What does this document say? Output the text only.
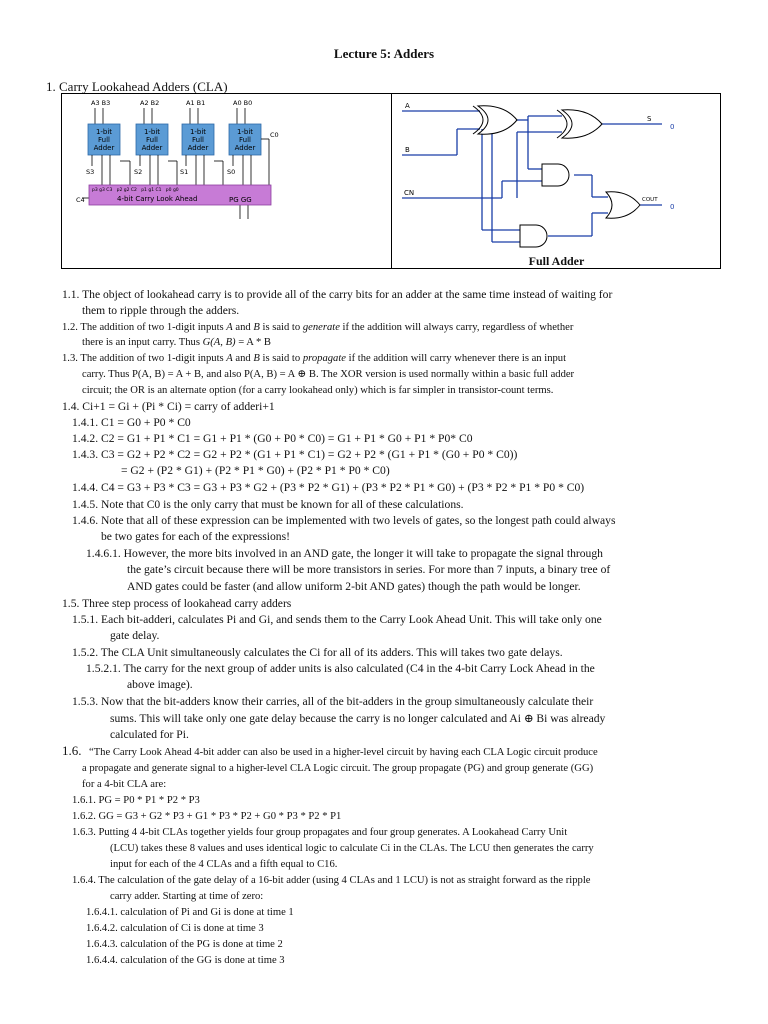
Lecture 5: Adders
1. Carry Lookahead Adders (CLA)
A3 B3	A2 B2	A1 B1	A0 B0
1-bit
Full
Adder
1-bit
Full
Adder
1-bit
Full
Adder
1-bit
Full
Adder
S3	S2	S1	S0
C0
C4
p3 g3 C3   p2 g2 C2   p1 g1 C1   p0 g0
4-bit Carry Look Ahead	PG GG
A
B
CN
S
COUT
0
0
Full Adder
1.1. The object of lookahead carry is to provide all of the carry bits for an adder at the same time instead of waiting for
them to ripple through the adders.
1.2. The addition of two 1-digit inputs A and B is said to generate if the addition will always carry, regardless of whether
there is an input carry. Thus G(A, B) = A * B
1.3. The addition of two 1-digit inputs A and B is said to propagate if the addition will carry whenever there is an input
carry. Thus P(A, B) = A + B, and also P(A, B) = A ⊕ B. The XOR version is used normally within a basic full adder
circuit; the OR is an alternate option (for a carry lookahead only) which is far simpler in transistor-count terms.
1.4. Ci+1 = Gi + (Pi * Ci) = carry of adderi+1
1.4.1. C1 = G0 + P0 * C0
1.4.2. C2 = G1 + P1 * C1 = G1 + P1 * (G0 + P0 * C0) = G1 + P1 * G0 + P1 * P0* C0
1.4.3. C3 = G2 + P2 * C2 = G2 + P2 * (G1 + P1 * C1) = G2 + P2 * (G1 + P1 * (G0 + P0 * C0))
= G2 + (P2 * G1) + (P2 * P1 * G0) + (P2 * P1 * P0 * C0)
1.4.4. C4 = G3 + P3 * C3 = G3 + P3 * G2 + (P3 * P2 * G1) + (P3 * P2 * P1 * G0) + (P3 * P2 * P1 * P0 * C0)
1.4.5. Note that C0 is the only carry that must be known for all of these calculations.
1.4.6. Note that all of these expression can be implemented with two levels of gates, so the longest path could always
be two gates for each of the expressions!
1.4.6.1. However, the more bits involved in an AND gate, the longer it will take to propagate the signal through
the gate’s circuit because there will be more transistors in series. For more than 7 inputs, a binary tree of
AND gates could be faster (and allow uniform 2-bit AND gates) though the path would be longer.
1.5. Three step process of lookahead carry adders
1.5.1. Each bit-adderi, calculates Pi and Gi, and sends them to the Carry Look Ahead Unit. This will take only one
gate delay.
1.5.2. The CLA Unit simultaneously calculates the Ci for all of its adders. This will takes two gate delays.
1.5.2.1. The carry for the next group of adder units is also calculated (C4 in the 4-bit Carry Lock Ahead in the
above image).
1.5.3. Now that the bit-adders know their carries, all of the bit-adders in the group simultaneously calculate their
sums. This will take only one gate delay because the carry is no longer calculated and Ai ⊕ Bi was already
calculated for Pi.
1.6. “The Carry Look Ahead 4-bit adder can also be used in a higher-level circuit by having each CLA Logic circuit produce
a propagate and generate signal to a higher-level CLA Logic circuit. The group propagate (PG) and group generate (GG)
for a 4-bit CLA are:
1.6.1. PG = P0 * P1 * P2 * P3
1.6.2. GG = G3 + G2 * P3 + G1 * P3 * P2 + G0 * P3 * P2 * P1
1.6.3. Putting 4 4-bit CLAs together yields four group propagates and four group generates. A Lookahead Carry Unit
(LCU) takes these 8 values and uses identical logic to calculate Ci in the CLAs. The LCU then generates the carry
input for each of the 4 CLAs and a fifth equal to C16.
1.6.4. The calculation of the gate delay of a 16-bit adder (using 4 CLAs and 1 LCU) is not as straight forward as the ripple
carry adder. Starting at time of zero:
1.6.4.1. calculation of Pi and Gi is done at time 1
1.6.4.2. calculation of Ci is done at time 3
1.6.4.3. calculation of the PG is done at time 2
1.6.4.4. calculation of the GG is done at time 3
